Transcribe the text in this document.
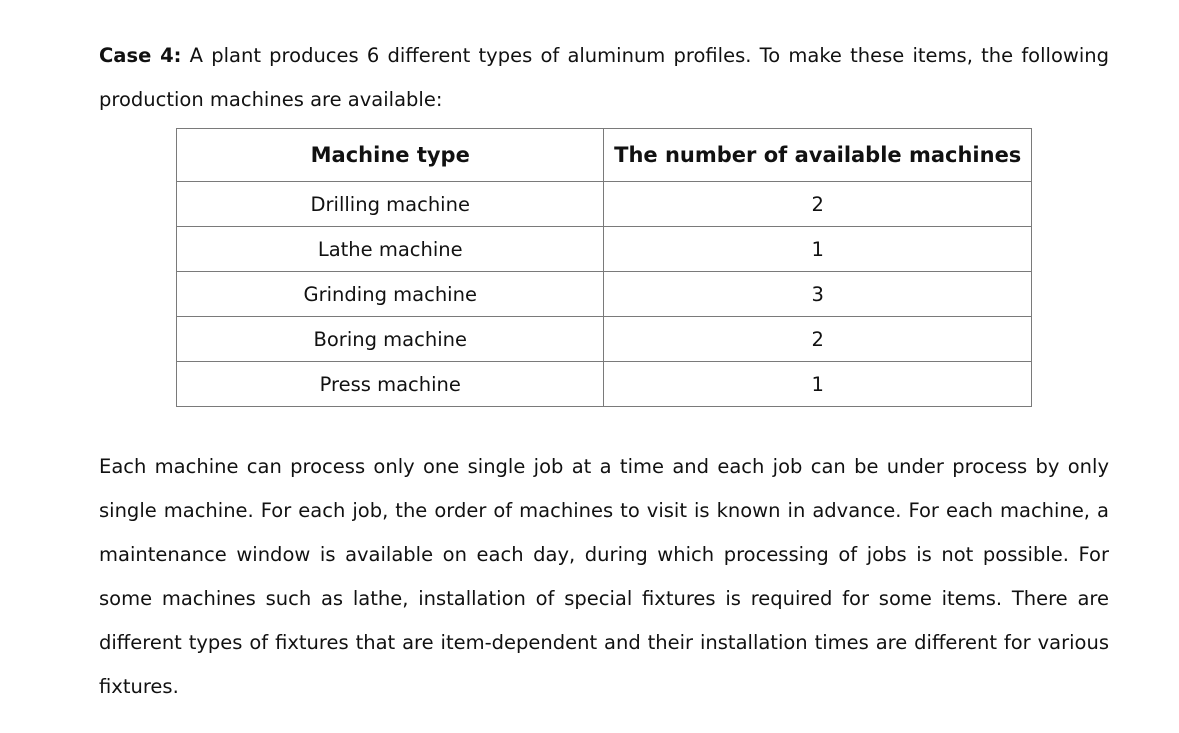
Case 4: A plant produces 6 different types of aluminum profiles. To make these items, the following production machines are available:

Machine type	The number of available machines
Drilling machine	2
Lathe machine	1
Grinding machine	3
Boring machine	2
Press machine	1

Each machine can process only one single job at a time and each job can be under process by only single machine. For each job, the order of machines to visit is known in advance. For each machine, a maintenance window is available on each day, during which processing of jobs is not possible. For some machines such as lathe, installation of special fixtures is required for some items. There are different types of fixtures that are item-dependent and their installation times are different for various fixtures.
